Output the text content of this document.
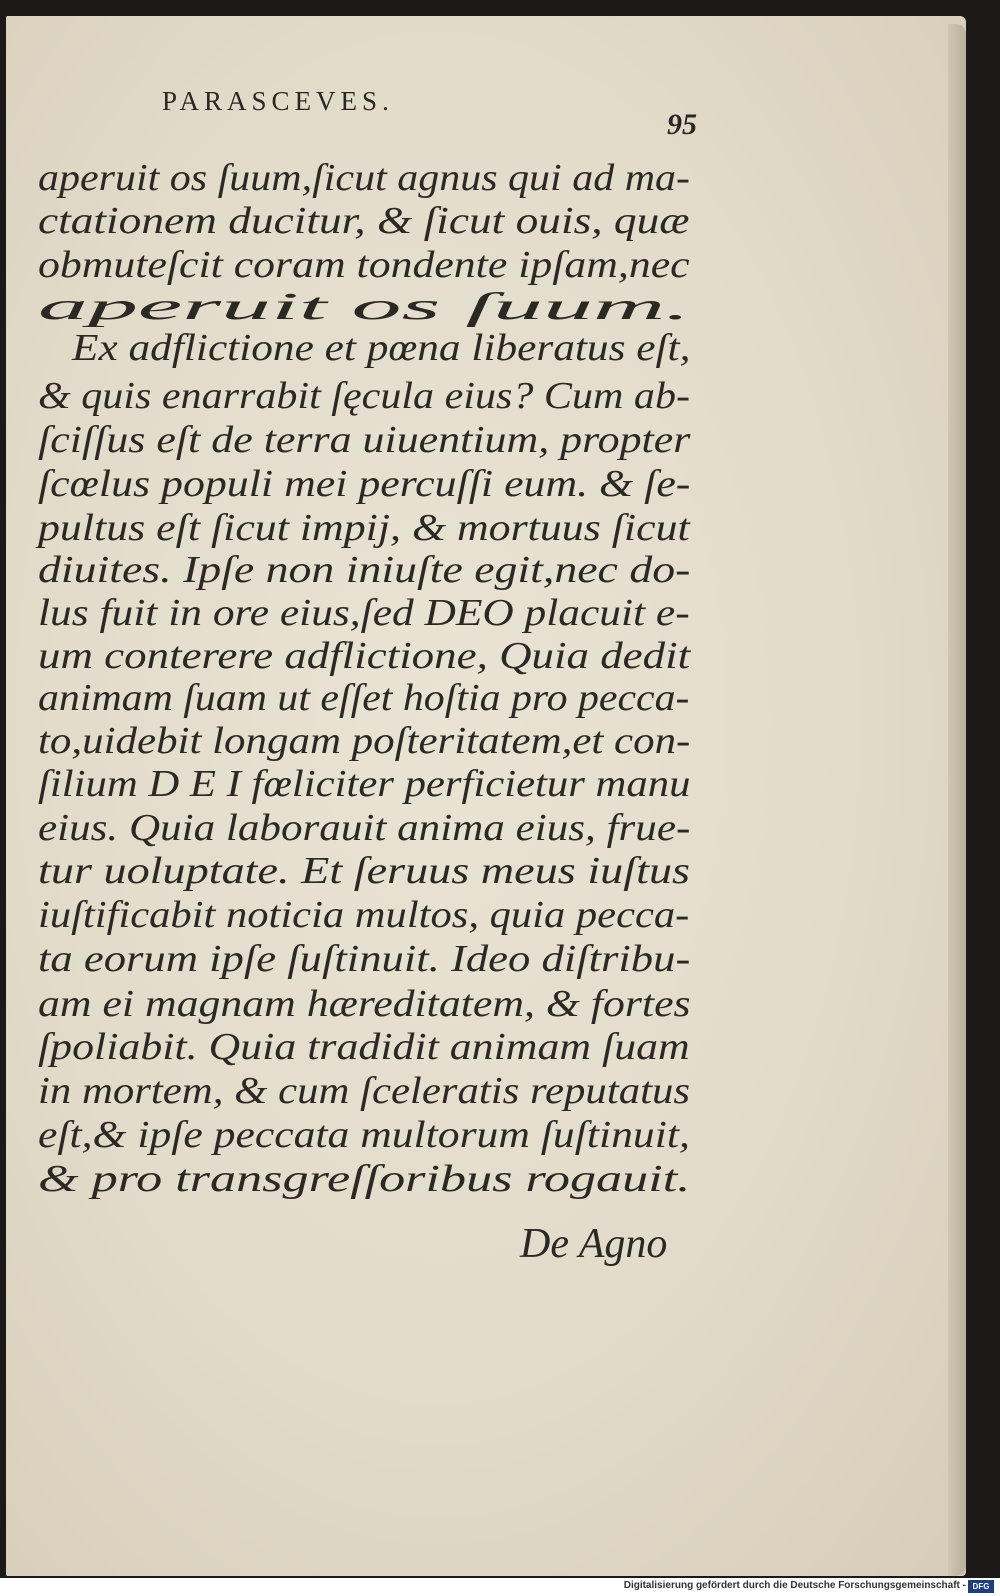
PARASCEVES.
95
aperuit os ſuum,ſicut agnus qui ad ma-
ctationem ducitur, & ſicut ouis, quæ
obmuteſcit coram tondente ipſam,nec
aperuit os ſuum.
Ex adflictione et pœna liberatus eſt,
& quis enarrabit ſęcula eius? Cum ab-
ſciſſus eſt de terra uiuentium, propter
ſcœlus populi mei percuſſi eum. & ſe-
pultus eſt ſicut impij, & mortuus ſicut
diuites. Ipſe non iniuſte egit,nec do-
lus fuit in ore eius,ſed DEO placuit e-
um conterere adflictione, Quia dedit
animam ſuam ut eſſet hoſtia pro pecca-
to,uidebit longam poſteritatem,et con-
ſilium D E I fœliciter perficietur manu
eius. Quia laborauit anima eius, frue-
tur uoluptate. Et ſeruus meus iuſtus
iuſtificabit noticia multos, quia pecca-
ta eorum ipſe ſuſtinuit. Ideo diſtribu-
am ei magnam hæreditatem, & fortes
ſpoliabit. Quia tradidit animam ſuam
in mortem, & cum ſceleratis reputatus
eſt,& ipſe peccata multorum ſuſtinuit,
& pro transgreſſoribus rogauit.
De Agno
Digitalisierung gefördert durch die Deutsche Forschungsgemeinschaft - DFG
